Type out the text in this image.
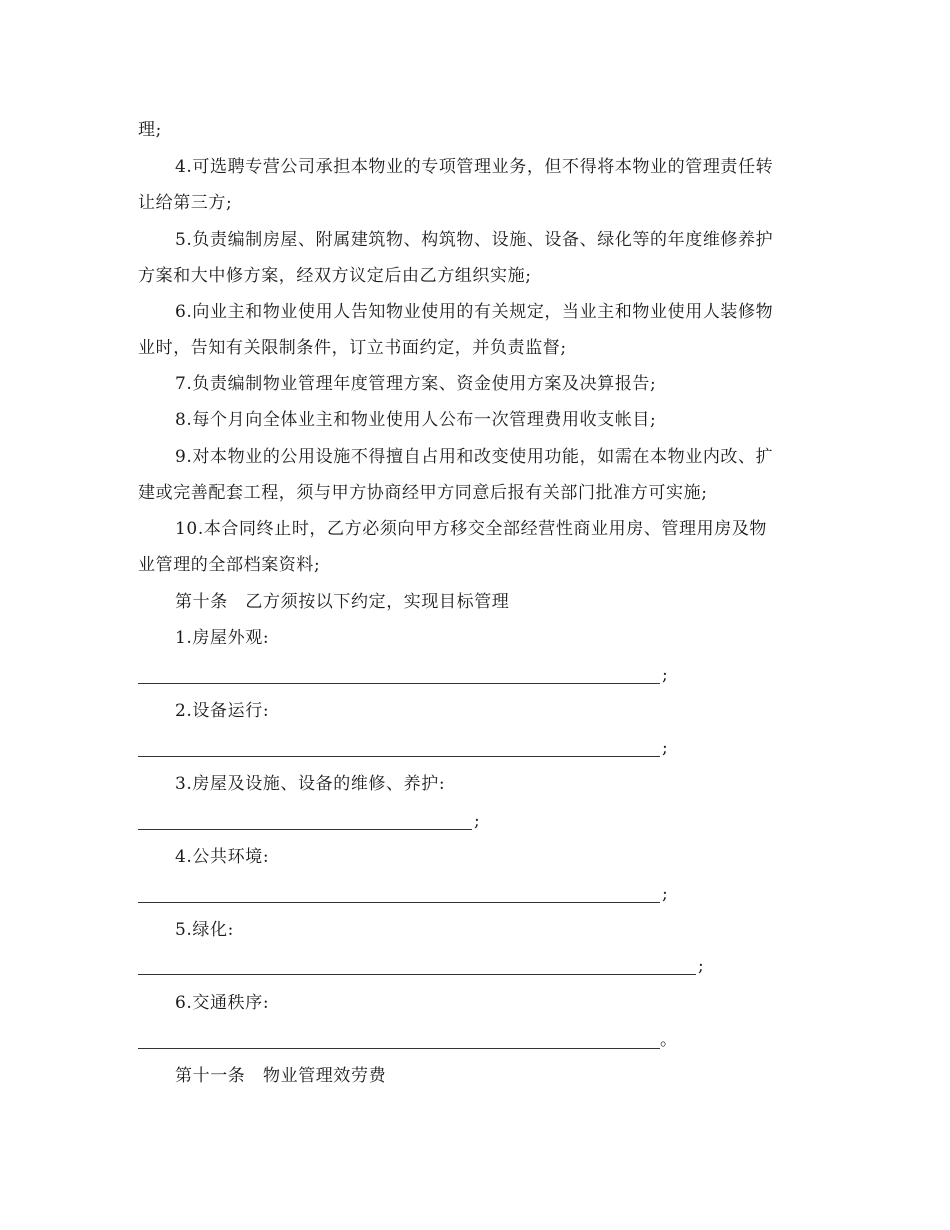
理;
4.可选聘专营公司承担本物业的专项管理业务，但不得将本物业的管理责任转
让给第三方;
5.负责编制房屋、附属建筑物、构筑物、设施、设备、绿化等的年度维修养护
方案和大中修方案，经双方议定后由乙方组织实施;
6.向业主和物业使用人告知物业使用的有关规定，当业主和物业使用人装修物
业时，告知有关限制条件，订立书面约定，并负责监督;
7.负责编制物业管理年度管理方案、资金使用方案及决算报告;
8.每个月向全体业主和物业使用人公布一次管理费用收支帐目;
9.对本物业的公用设施不得擅自占用和改变使用功能，如需在本物业内改、扩
建或完善配套工程，须与甲方协商经甲方同意后报有关部门批准方可实施;
10.本合同终止时，乙方必须向甲方移交全部经营性商业用房、管理用房及物
业管理的全部档案资料;
第十条　乙方须按以下约定，实现目标管理
1.房屋外观:
;
2.设备运行:
;
3.房屋及设施、设备的维修、养护:
;
4.公共环境:
;
5.绿化:
;
6.交通秩序:
。
第十一条　物业管理效劳费
